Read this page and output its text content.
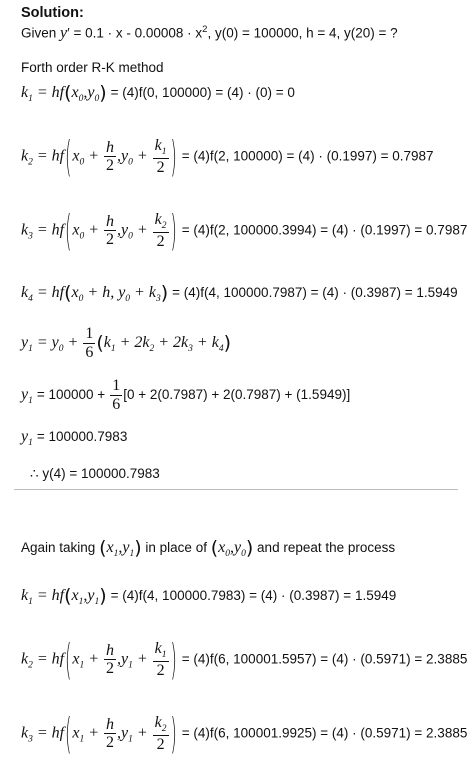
Solution:
Given $y' = 0.1 \cdot x - 0.00008 \cdot x^2$, y(0) = 100000, h = 4, y(20) = ?
Forth order R-K method
$k_1 = hf(x_0,y_0) = (4)f(0$, 100000) = (4) · (0) = 0
$k_2 = hf(x_0 + \frac{h}{2} ,y_0 + \frac{k_1}{2}$ ) = (4)f(2, 100000) = (4) · (0.1997) = 0.7987
$k_3 = hf(x_0 + \frac{h}{2} ,y_0 + \frac{k_2}{2}$ ) = (4)f(2, 100000.3994) = (4) · (0.1997) = 0.7987
$k_4 = hf(x_0 + h$, $y_0 + k_3) = (4)f(4$, 100000.7987) = (4) · (0.3987) = 1.5949
$y_1 = y_0 + \frac{1}{6} (k_1 + 2k_2 + 2k_3 + k_4)$
$y_1 = 100000 + \frac{1}{6} [0 + 2(0.7987) + 2(0.7987) + (1.5949)]$
$y_1 = 100000.7983$
∴ y(4) = 100000.7983
Again taking $(x_1,y_1)$ in place of $(x_0,y_0)$ and repeat the process
$k_1 = hf(x_1,y_1) = (4)f(4$, 100000.7983) = (4) · (0.3987) = 1.5949
$k_2 = hf(x_1 + \frac{h}{2} ,y_1 + \frac{k_1}{2}$ ) = (4)f(6, 100001.5957) = (4) · (0.5971) = 2.3885
$k_3 = hf(x_1 + \frac{h}{2} ,y_1 + \frac{k_2}{2}$ ) = (4)f(6, 100001.9925) = (4) · (0.5971) = 2.3885
